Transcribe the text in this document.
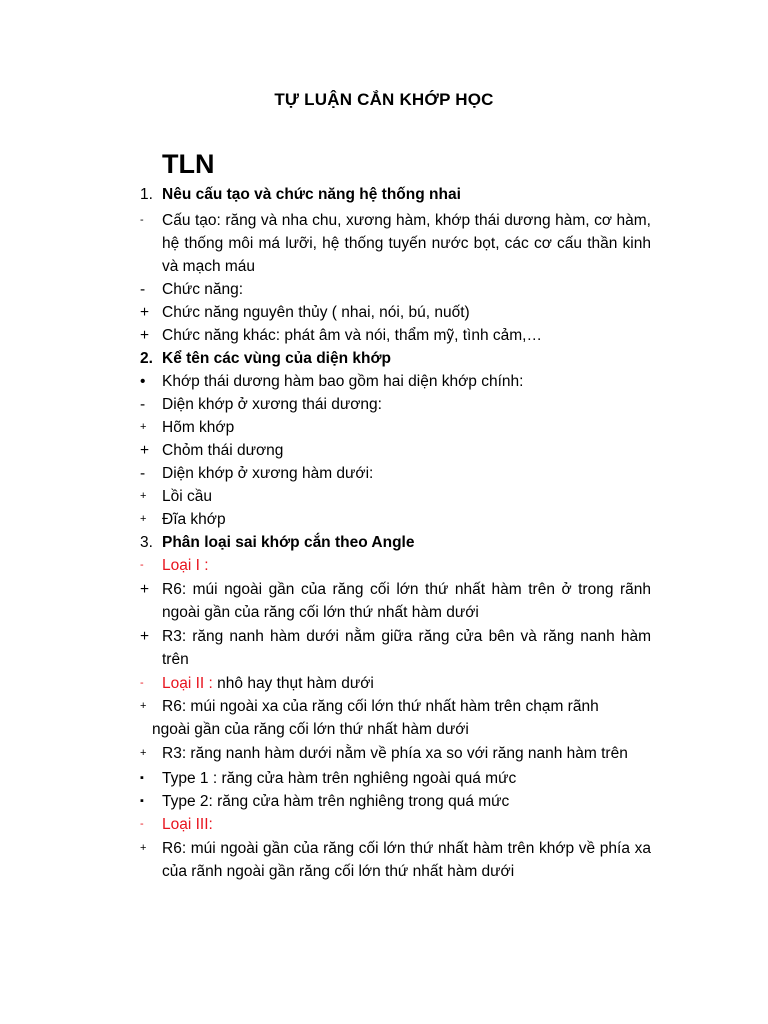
TỰ LUẬN CẮN KHỚP HỌC
TLN
1. Nêu cấu tạo và chức năng hệ thống nhai
-	Cấu tạo: răng và nha chu, xương hàm, khớp thái dương hàm, cơ hàm, hệ thống môi má lưỡi, hệ thống tuyến nước bọt, các cơ cấu thần kinh và mạch máu
-	Chức năng:
+ Chức năng nguyên thủy ( nhai, nói, bú, nuốt)
+ Chức năng khác: phát âm và nói, thẩm mỹ, tình cảm,…
2. Kể tên các vùng của diện khớp
•	Khớp thái dương hàm bao gồm hai diện khớp chính:
-	Diện khớp ở xương thái dương:
+	Hõm khớp
+ Chỏm thái dương
-	Diện khớp ở xương hàm dưới:
+	Lồi cầu
+	Đĩa khớp
3. Phân loại sai khớp cắn theo Angle
-	Loại I :
+ R6: múi ngoài gần của răng cối lớn thứ nhất hàm trên ở trong rãnh ngoài gần của răng cối lớn thứ nhất hàm dưới
+ R3: răng nanh hàm dưới nằm giữa răng cửa bên và răng nanh hàm trên
-	Loại II : nhô hay thụt hàm dưới
+	R6: múi ngoài xa của răng cối lớn thứ nhất hàm trên chạm rãnh
ngoài gần của răng cối lớn thứ nhất hàm dưới
+	R3: răng nanh hàm dưới nằm về phía xa so với răng nanh hàm trên
▪	Type 1 : răng cửa hàm trên nghiêng ngoài quá mức
▪	Type 2: răng cửa hàm trên nghiêng trong quá mức
-	Loại III:
+	R6: múi ngoài gần của răng cối lớn thứ nhất hàm trên khớp về phía xa của rãnh ngoài gần răng cối lớn thứ nhất hàm dưới
